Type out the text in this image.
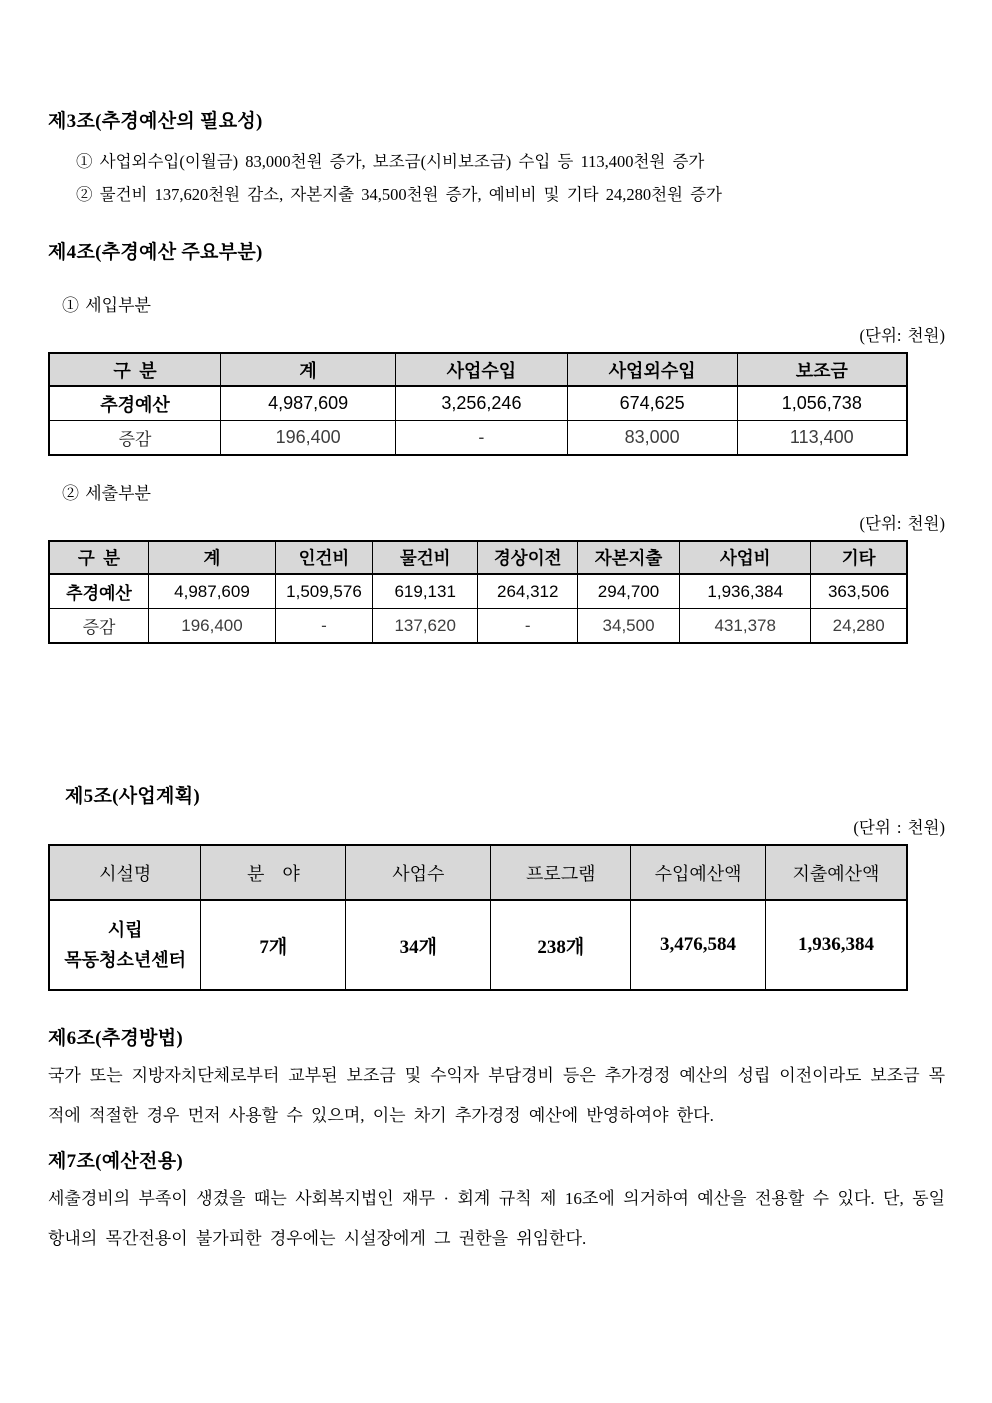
제3조(추경예산의 필요성)

① 사업외수입(이월금) 83,000천원 증가, 보조금(시비보조금) 수입 등 113,400천원 증가

② 물건비 137,620천원 감소, 자본지출 34,500천원 증가, 예비비 및 기타 24,280천원 증가

제4조(추경예산 주요부분)

① 세입부분

(단위: 천원)

구 분	계	사업수입	사업외수입	보조금
추경예산	4,987,609	3,256,246	674,625	1,056,738
증감	196,400	-	83,000	113,400

② 세출부분

(단위: 천원)

구 분	계	인건비	물건비	경상이전	자본지출	사업비	기타
추경예산	4,987,609	1,509,576	619,131	264,312	294,700	1,936,384	363,506
증감	196,400	-	137,620	-	34,500	431,378	24,280
제5조(사업계획)

(단위 : 천원)

시설명	분　야	사업수	프로그램	수입예산액	지출예산액

시립
목동청소년센터	7개	34개	238개	3,476,584	1,936,384
제6조(추경방법)

국가 또는 지방자치단체로부터 교부된 보조금 및 수익자 부담경비 등은 추가경정 예산의 성립 이전이라도 보조금 목적에 적절한 경우 먼저 사용할 수 있으며, 이는 차기 추가경정 예산에 반영하여야 한다.

제7조(예산전용)

세출경비의 부족이 생겼을 때는 사회복지법인 재무 · 회계 규칙 제 16조에 의거하여 예산을 전용할 수 있다. 단, 동일 항내의 목간전용이 불가피한 경우에는 시설장에게 그 권한을 위임한다.
